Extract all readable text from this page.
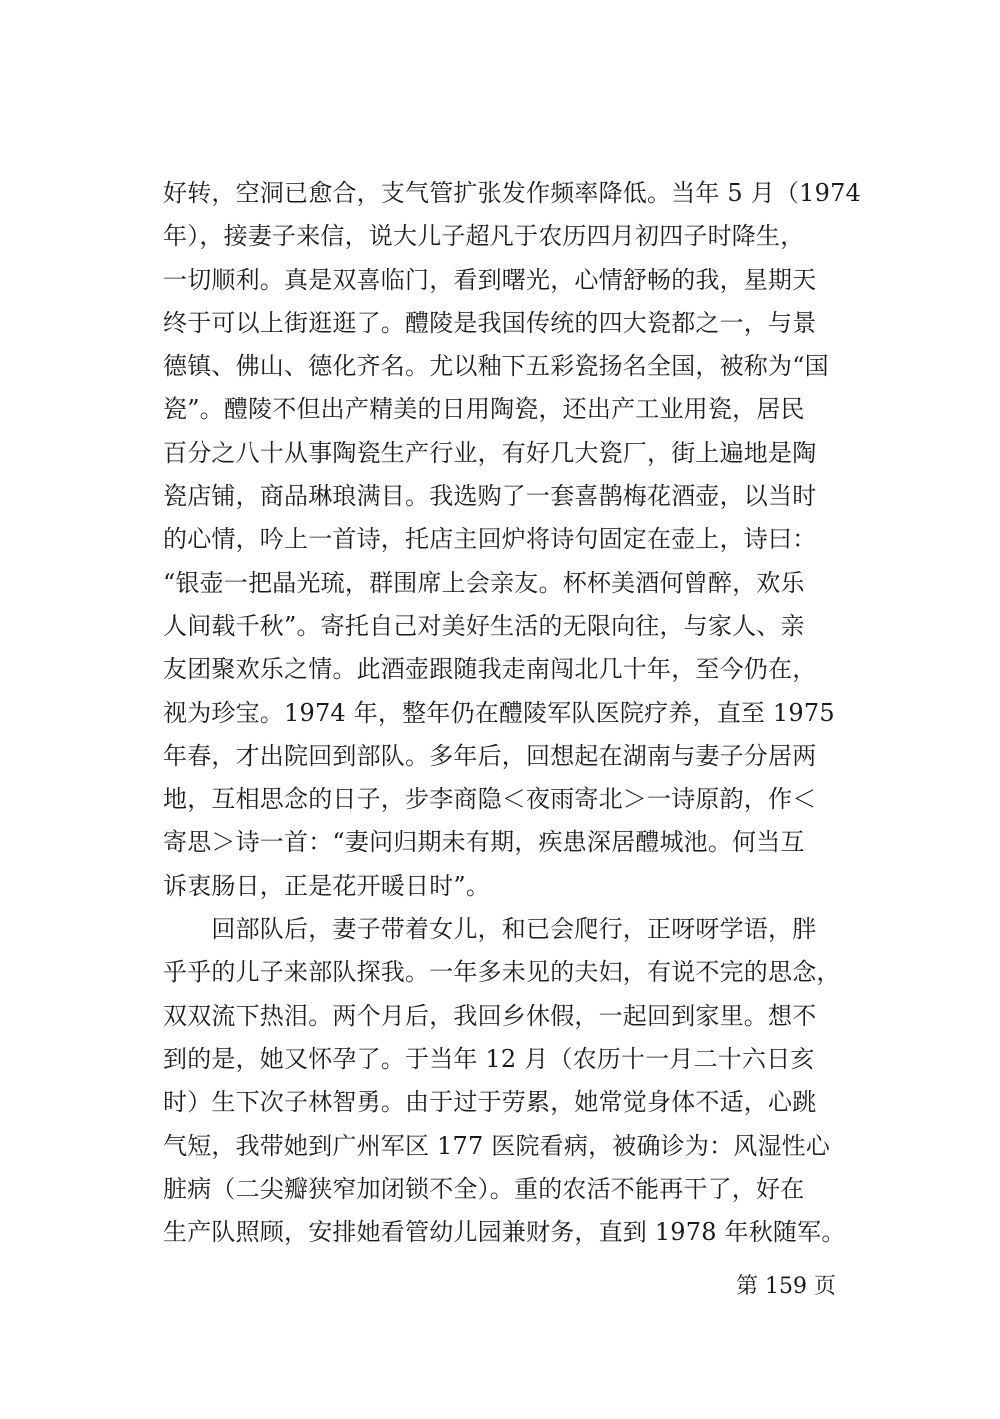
好转，空洞已愈合，支气管扩张发作频率降低。当年 5 月（1974
年），接妻子来信，说大儿子超凡于农历四月初四子时降生，
一切顺利。真是双喜临门，看到曙光，心情舒畅的我，星期天
终于可以上街逛逛了。醴陵是我国传统的四大瓷都之一，与景
德镇、佛山、德化齐名。尤以釉下五彩瓷扬名全国，被称为“国
瓷”。醴陵不但出产精美的日用陶瓷，还出产工业用瓷，居民
百分之八十从事陶瓷生产行业，有好几大瓷厂，街上遍地是陶
瓷店铺，商品琳琅满目。我选购了一套喜鹊梅花酒壶，以当时
的心情，吟上一首诗，托店主回炉将诗句固定在壶上，诗曰：
“银壶一把晶光琉，群围席上会亲友。杯杯美酒何曾醉，欢乐
人间载千秋”。寄托自己对美好生活的无限向往，与家人、亲
友团聚欢乐之情。此酒壶跟随我走南闯北几十年，至今仍在，
视为珍宝。1974 年，整年仍在醴陵军队医院疗养，直至 1975
年春，才出院回到部队。多年后，回想起在湖南与妻子分居两
地，互相思念的日子，步李商隐＜夜雨寄北＞一诗原韵，作＜
寄思＞诗一首：“妻问归期未有期，疾患深居醴城池。何当互
诉衷肠日，正是花开暖日时”。
　　回部队后，妻子带着女儿，和已会爬行，正呀呀学语，胖
乎乎的儿子来部队探我。一年多未见的夫妇，有说不完的思念，
双双流下热泪。两个月后，我回乡休假，一起回到家里。想不
到的是，她又怀孕了。于当年 12 月（农历十一月二十六日亥
时）生下次子林智勇。由于过于劳累，她常觉身体不适，心跳
气短，我带她到广州军区 177 医院看病，被确诊为：风湿性心
脏病（二尖瓣狭窄加闭锁不全）。重的农活不能再干了，好在
生产队照顾，安排她看管幼儿园兼财务，直到 1978 年秋随军。
第 159 页
